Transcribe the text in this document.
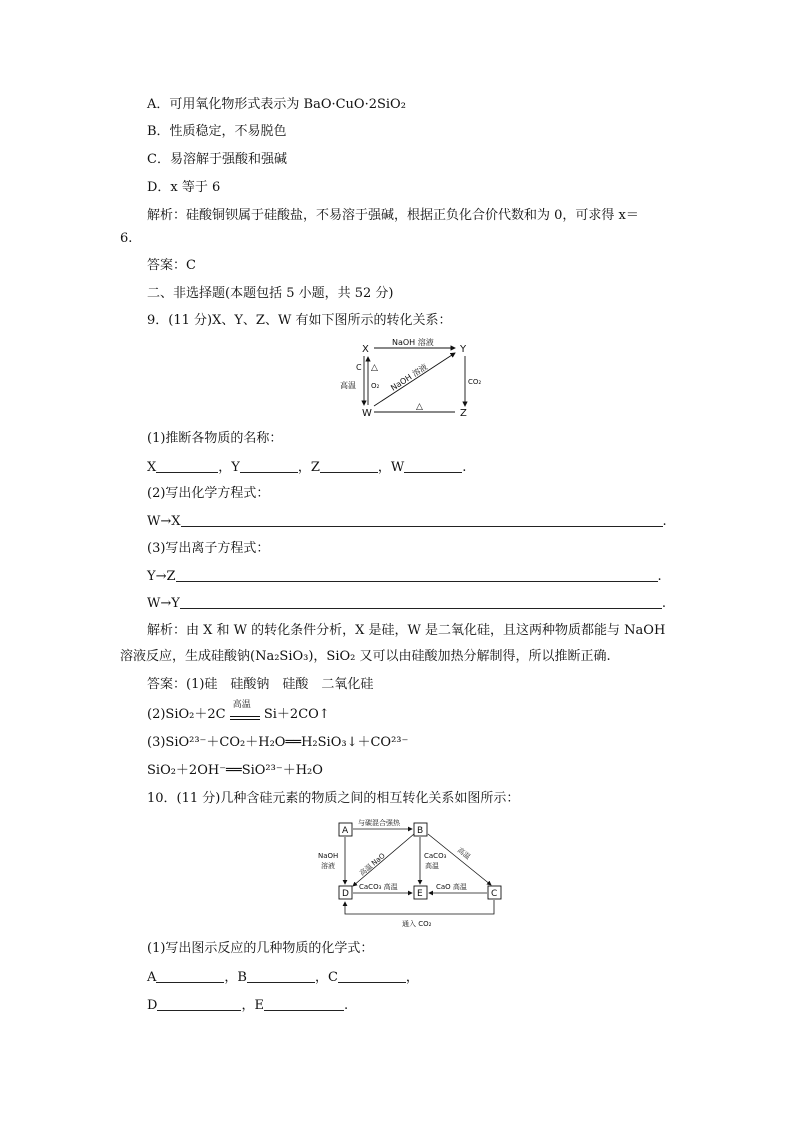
A．可用氧化物形式表示为 BaO·CuO·2SiO₂
B．性质稳定，不易脱色
C．易溶解于强酸和强碱
D．x 等于 6
解析：硅酸铜钡属于硅酸盐，不易溶于强碱，根据正负化合价代数和为 0，可求得 x＝
6.
答案：C
二、非选择题(本题包括 5 小题，共 52 分)
9．(11 分)X、Y、Z、W 有如下图所示的转化关系：
X	Y
W	Z
NaOH 溶液
CO₂
△
C △
高温 O₂ NaOH 溶液
(1)推断各物质的名称：
X	，Y	，Z	，W	.
(2)写出化学方程式：
W→X	.
(3)写出离子方程式：
Y→Z	.
W→Y	.
解析：由 X 和 W 的转化条件分析，X 是硅，W 是二氧化硅，且这两种物质都能与 NaOH
溶液反应，生成硅酸钠(Na₂SiO₃)，SiO₂ 又可以由硅酸加热分解制得，所以推断正确.
答案：(1)硅　硅酸钠　硅酸　二氧化硅
(2)SiO₂＋2C
高温
Si＋2CO↑
(3)SiO²³⁻＋CO₂＋H₂O══H₂SiO₃↓＋CO²³⁻
SiO₂＋2OH⁻══SiO²³⁻＋H₂O
10．(11 分)几种含硅元素的物质之间的相互转化关系如图所示：
A	B
D	E	C
与碳混合强热
NaOH
溶液	高温
NaO	CaCO₃
高温
高温
CaCO₃ 高温	CaO 高温
通入 CO₂
(1)写出图示反应的几种物质的化学式：
A	，B	，C	，
D	，E	.
